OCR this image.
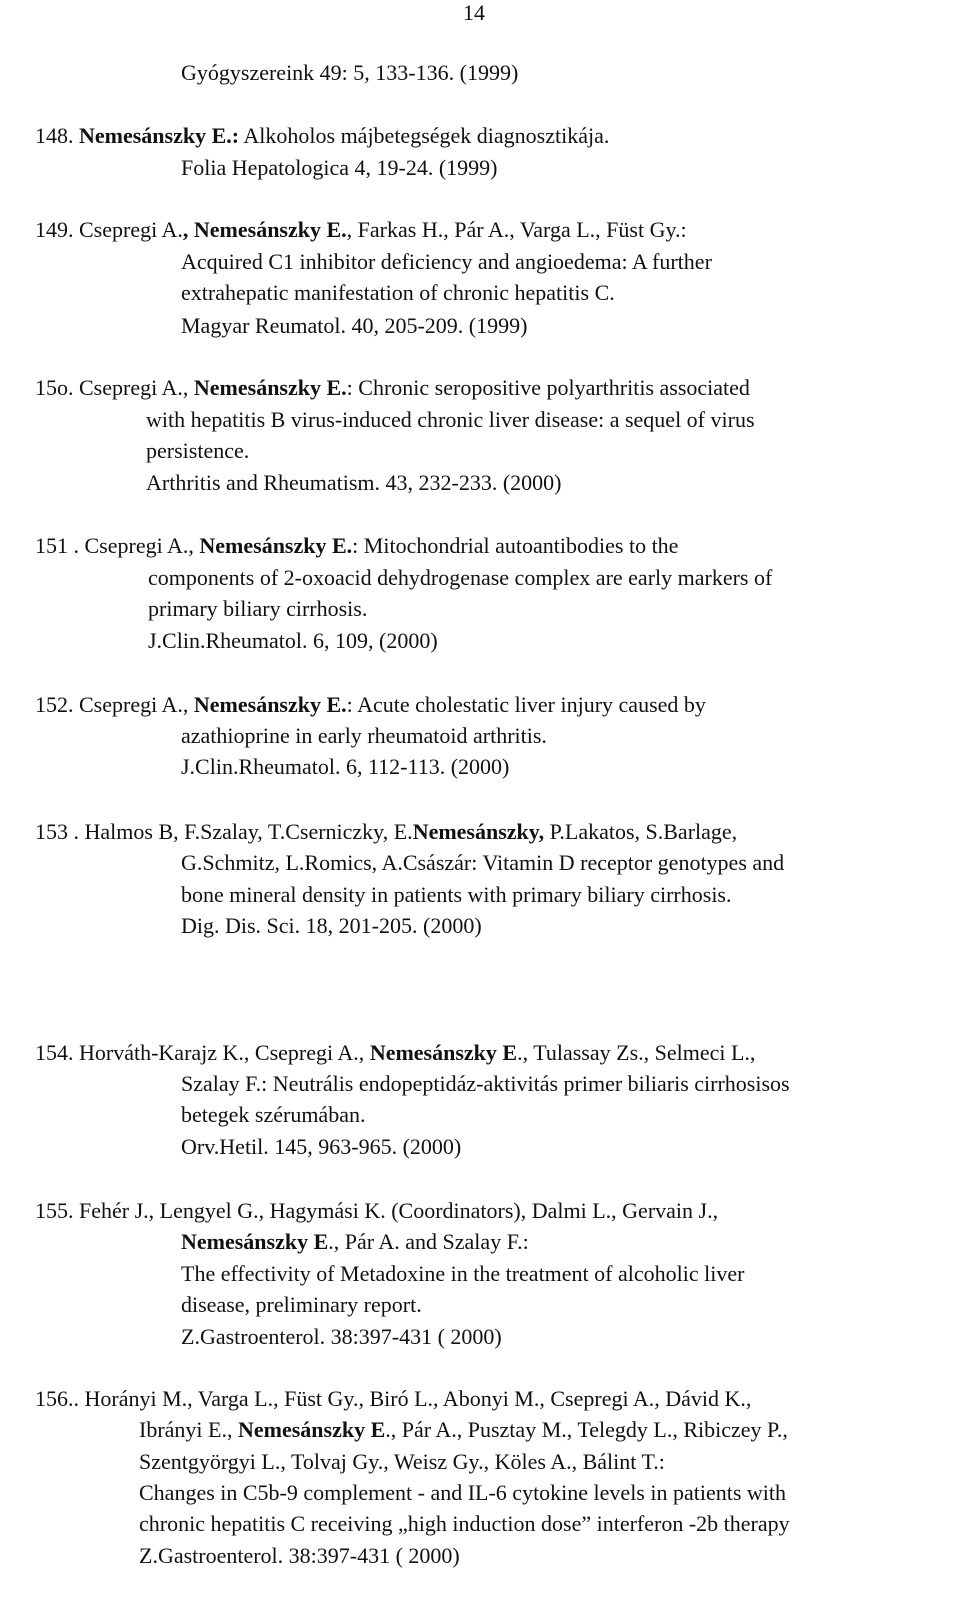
14
Gyógyszereink 49: 5, 133-136. (1999)
148. Nemesánszky E.: Alkoholos májbetegségek diagnosztikája.
Folia Hepatologica 4, 19-24. (1999)
149. Csepregi A., Nemesánszky E., Farkas H., Pár A., Varga L., Füst Gy.:
Acquired C1 inhibitor deficiency and angioedema: A further
extrahepatic manifestation of chronic hepatitis C.
Magyar Reumatol. 40, 205-209. (1999)
15o. Csepregi A., Nemesánszky E.: Chronic seropositive polyarthritis associated
with hepatitis B virus-induced chronic liver disease: a sequel of virus
persistence.
Arthritis and Rheumatism. 43, 232-233. (2000)
151 . Csepregi A., Nemesánszky E.: Mitochondrial autoantibodies to the
components of 2-oxoacid dehydrogenase complex are early markers of
primary biliary cirrhosis.
J.Clin.Rheumatol. 6, 109, (2000)
152. Csepregi A., Nemesánszky E.: Acute cholestatic liver injury caused by
azathioprine in early rheumatoid arthritis.
J.Clin.Rheumatol. 6, 112-113. (2000)
153 . Halmos B, F.Szalay, T.Cserniczky, E.Nemesánszky, P.Lakatos, S.Barlage,
G.Schmitz, L.Romics, A.Császár: Vitamin D receptor genotypes and
bone mineral density in patients with primary biliary cirrhosis.
Dig. Dis. Sci. 18, 201-205. (2000)
154. Horváth-Karajz K., Csepregi A., Nemesánszky E., Tulassay Zs., Selmeci L.,
Szalay F.: Neutrális endopeptidáz-aktivitás primer biliaris cirrhosisos
betegek szérumában.
Orv.Hetil. 145, 963-965. (2000)
155. Fehér J., Lengyel G., Hagymási K. (Coordinators), Dalmi L., Gervain J.,
Nemesánszky E., Pár A. and Szalay F.:
The effectivity of Metadoxine in the treatment of alcoholic liver
disease, preliminary report.
Z.Gastroenterol. 38:397-431 ( 2000)
156.. Horányi M., Varga L., Füst Gy., Biró L., Abonyi M., Csepregi A., Dávid K.,
Ibrányi E., Nemesánszky E., Pár A., Pusztay M., Telegdy L., Ribiczey P.,
Szentgyörgyi L., Tolvaj Gy., Weisz Gy., Köles A., Bálint T.:
Changes in C5b-9 complement - and IL-6 cytokine levels in patients with
chronic hepatitis C receiving „high induction dose” interferon -2b therapy
Z.Gastroenterol. 38:397-431 ( 2000)
